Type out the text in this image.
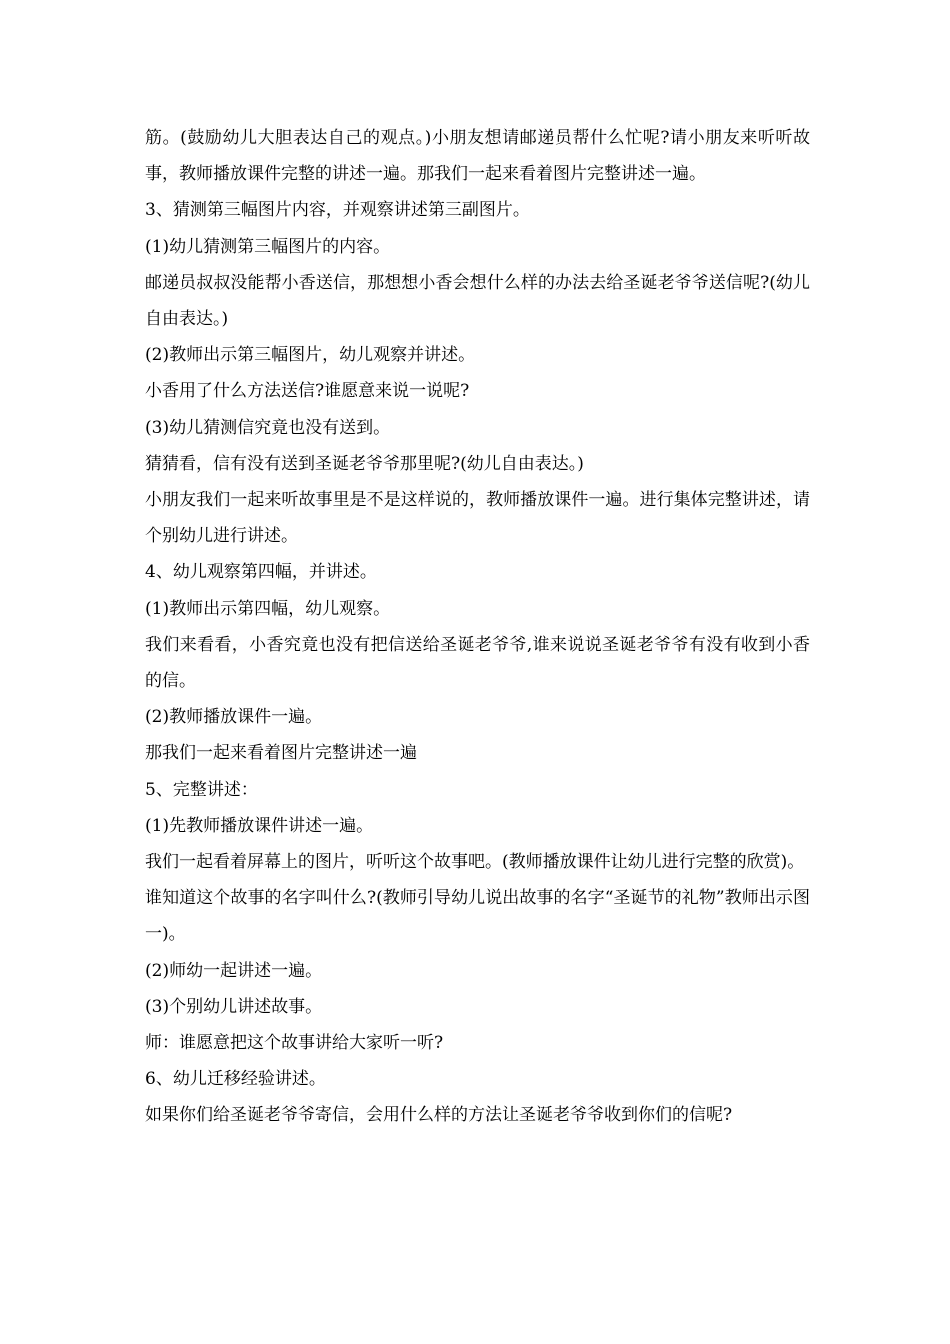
筋。(鼓励幼儿大胆表达自己的观点。)小朋友想请邮递员帮什么忙呢?请小朋友来听听故事，教师播放课件完整的讲述一遍。那我们一起来看着图片完整讲述一遍。

3、猜测第三幅图片内容，并观察讲述第三副图片。

(1)幼儿猜测第三幅图片的内容。

邮递员叔叔没能帮小香送信，那想想小香会想什么样的办法去给圣诞老爷爷送信呢?(幼儿自由表达。)

(2)教师出示第三幅图片，幼儿观察并讲述。

小香用了什么方法送信?谁愿意来说一说呢?

(3)幼儿猜测信究竟也没有送到。

猜猜看，信有没有送到圣诞老爷爷那里呢?(幼儿自由表达。)

小朋友我们一起来听故事里是不是这样说的，教师播放课件一遍。进行集体完整讲述，请个别幼儿进行讲述。

4、幼儿观察第四幅，并讲述。

(1)教师出示第四幅，幼儿观察。

我们来看看，小香究竟也没有把信送给圣诞老爷爷,谁来说说圣诞老爷爷有没有收到小香的信。

(2)教师播放课件一遍。

那我们一起来看着图片完整讲述一遍

5、完整讲述：

(1)先教师播放课件讲述一遍。

我们一起看着屏幕上的图片，听听这个故事吧。(教师播放课件让幼儿进行完整的欣赏)。

谁知道这个故事的名字叫什么?(教师引导幼儿说出故事的名字“圣诞节的礼物”教师出示图一)。

(2)师幼一起讲述一遍。

(3)个别幼儿讲述故事。

师：谁愿意把这个故事讲给大家听一听?

6、幼儿迁移经验讲述。

如果你们给圣诞老爷爷寄信，会用什么样的方法让圣诞老爷爷收到你们的信呢?
